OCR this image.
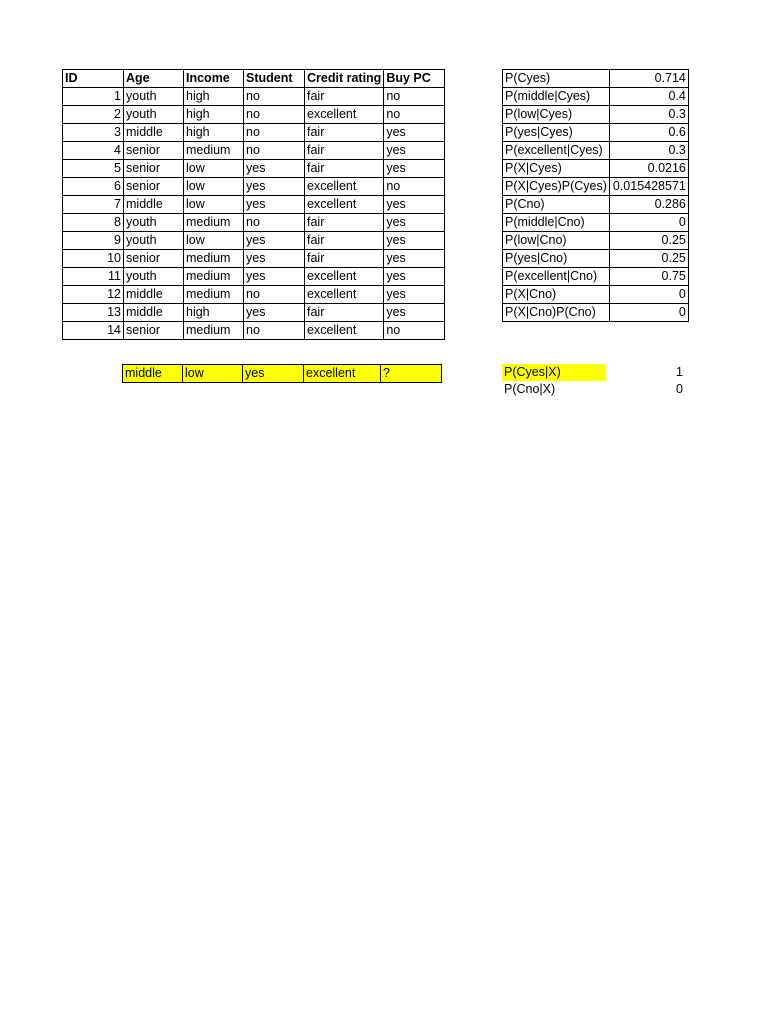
ID	Age	Income	Student	Credit rating	Buy PC
1	youth	high	no	fair	no
2	youth	high	no	excellent	no
3	middle	high	no	fair	yes
4	senior	medium	no	fair	yes
5	senior	low	yes	fair	yes
6	senior	low	yes	excellent	no
7	middle	low	yes	excellent	yes
8	youth	medium	no	fair	yes
9	youth	low	yes	fair	yes
10	senior	medium	yes	fair	yes
11	youth	medium	yes	excellent	yes
12	middle	medium	no	excellent	yes
13	middle	high	yes	fair	yes
14	senior	medium	no	excellent	no
middle	low	yes	excellent	?
P(Cyes)	0.714
P(middle|Cyes)	0.4
P(low|Cyes)	0.3
P(yes|Cyes)	0.6
P(excellent|Cyes)	0.3
P(X|Cyes)	0.0216
P(X|Cyes)P(Cyes)	0.015428571
P(Cno)	0.286
P(middle|Cno)	0
P(low|Cno)	0.25
P(yes|Cno)	0.25
P(excellent|Cno)	0.75
P(X|Cno)	0
P(X|Cno)P(Cno)	0
P(Cyes|X)	1
P(Cno|X)	0
